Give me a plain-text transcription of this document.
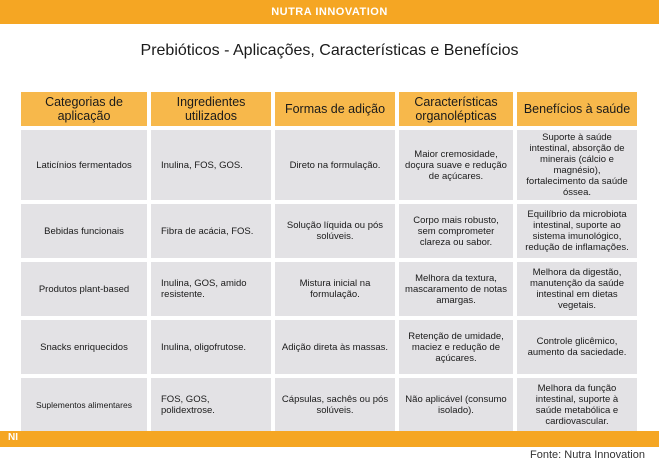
NUTRA INNOVATION
Prebióticos - Aplicações, Características e Benefícios
Categorias de aplicação	Ingredientes utilizados	Formas de adição	Características organolépticas	Benefícios à saúde
Laticínios fermentados	Inulina, FOS, GOS.	Direto na formulação.	Maior cremosidade, doçura suave e redução de açúcares.	Suporte à saúde intestinal, absorção de minerais (cálcio e magnésio), fortalecimento da saúde óssea.
Bebidas funcionais	Fibra de acácia, FOS.	Solução líquida ou pós solúveis.	Corpo mais robusto, sem comprometer clareza ou sabor.	Equilíbrio da microbiota intestinal, suporte ao sistema imunológico, redução de inflamações.
Produtos plant-based	Inulina, GOS, amido resistente.	Mistura inicial na formulação.	Melhora da textura, mascaramento de notas amargas.	Melhora da digestão, manutenção da saúde intestinal em dietas vegetais.
Snacks enriquecidos	Inulina, oligofrutose.	Adição direta às massas.	Retenção de umidade, maciez e redução de açúcares.	Controle glicêmico, aumento da saciedade.
Suplementos alimentares	FOS, GOS, polidextrose.	Cápsulas, sachês ou pós solúveis.	Não aplicável (consumo isolado).	Melhora da função intestinal, suporte à saúde metabólica e cardiovascular.
NI
Fonte: Nutra Innovation
